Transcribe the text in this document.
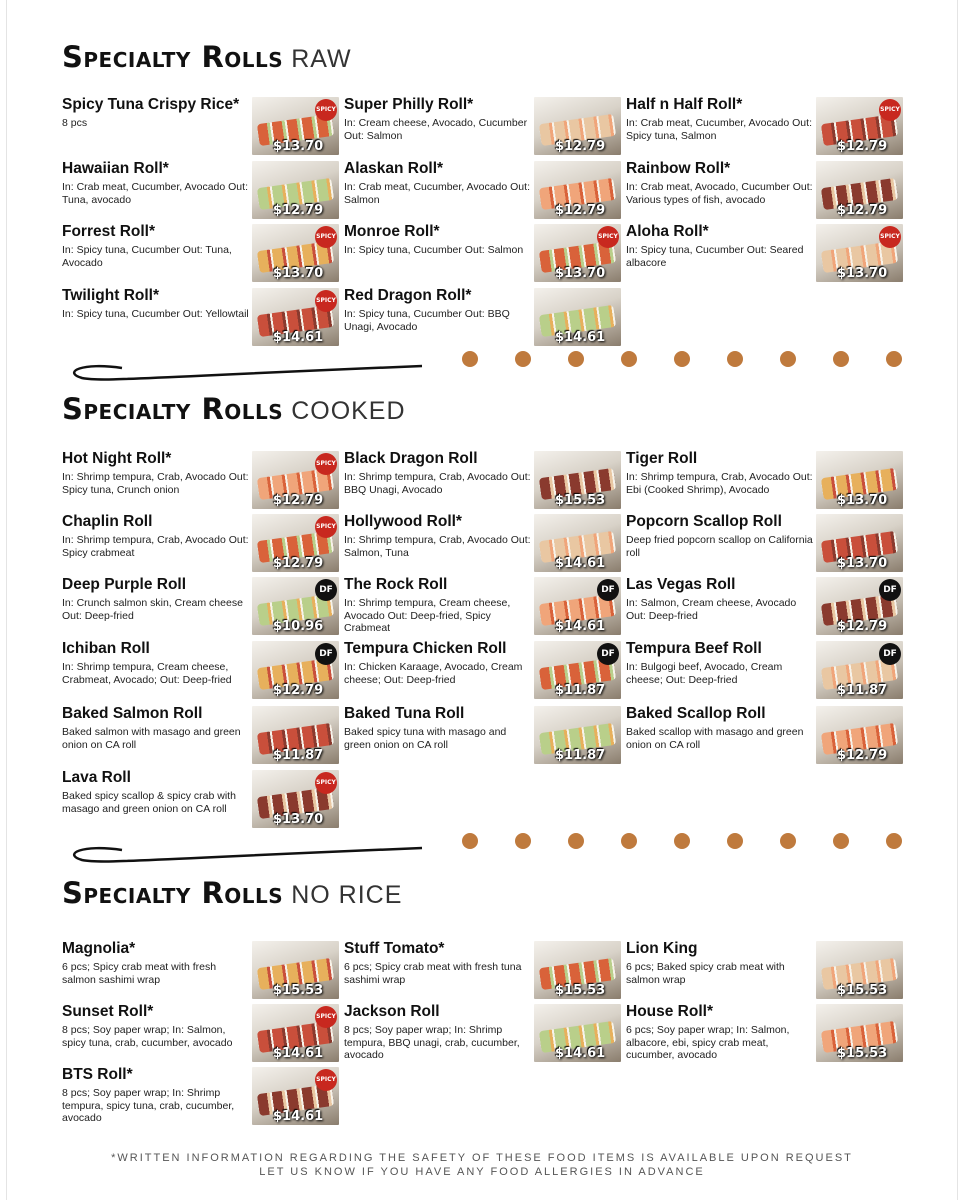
Specialty Rolls RAW
Specialty Rolls COOKED
Specialty Rolls NO RICE
Spicy Tuna Crispy Rice*
8 pcs
SPICY
$13.70
Super Philly Roll*
In: Cream cheese, Avocado, Cucumber Out: Salmon
$12.79
Half n Half Roll*
In: Crab meat, Cucumber, Avocado Out: Spicy tuna, Salmon
SPICY
$12.79
Hawaiian Roll*
In: Crab meat, Cucumber, Avocado Out: Tuna, avocado
$12.79
Alaskan Roll*
In: Crab meat, Cucumber, Avocado Out: Salmon
$12.79
Rainbow Roll*
In: Crab meat, Avocado, Cucumber Out: Various types of fish, avocado
$12.79
Forrest Roll*
In: Spicy tuna, Cucumber Out: Tuna, Avocado
SPICY
$13.70
Monroe Roll*
In: Spicy tuna, Cucumber Out: Salmon
SPICY
$13.70
Aloha Roll*
In: Spicy tuna, Cucumber Out: Seared albacore
SPICY
$13.70
Twilight Roll*
In: Spicy tuna, Cucumber Out: Yellowtail
SPICY
$14.61
Red Dragon Roll*
In: Spicy tuna, Cucumber Out: BBQ Unagi, Avocado
$14.61
Hot Night Roll*
In: Shrimp tempura, Crab, Avocado Out: Spicy tuna, Crunch onion
SPICY
$12.79
Black Dragon Roll
In: Shrimp tempura, Crab, Avocado Out: BBQ Unagi, Avocado
$15.53
Tiger Roll
In: Shrimp tempura, Crab, Avocado Out: Ebi (Cooked Shrimp), Avocado
$13.70
Chaplin Roll
In: Shrimp tempura, Crab, Avocado Out: Spicy crabmeat
SPICY
$12.79
Hollywood Roll*
In: Shrimp tempura, Crab, Avocado Out: Salmon, Tuna
$14.61
Popcorn Scallop Roll
Deep fried popcorn scallop on California roll
$13.70
Deep Purple Roll
In: Crunch salmon skin, Cream cheese Out: Deep-fried
DF
$10.96
The Rock Roll
In: Shrimp tempura, Cream cheese, Avocado Out: Deep-fried, Spicy Crabmeat
DF
$14.61
Las Vegas Roll
In: Salmon, Cream cheese, Avocado Out: Deep-fried
DF
$12.79
Ichiban Roll
In: Shrimp tempura, Cream cheese, Crabmeat, Avocado; Out: Deep-fried
DF
$12.79
Tempura Chicken Roll
In: Chicken Karaage, Avocado, Cream cheese; Out: Deep-fried
DF
$11.87
Tempura Beef Roll
In: Bulgogi beef, Avocado, Cream cheese; Out: Deep-fried
DF
$11.87
Baked Salmon Roll
Baked salmon with masago and green onion on CA roll
$11.87
Baked Tuna Roll
Baked spicy tuna with masago and green onion on CA roll
$11.87
Baked Scallop Roll
Baked scallop with masago and green onion on CA roll
$12.79
Lava Roll
Baked spicy scallop & spicy crab with masago and green onion on CA roll
SPICY
$13.70
Magnolia*
6 pcs; Spicy crab meat with fresh salmon sashimi wrap
$15.53
Stuff Tomato*
6 pcs; Spicy crab meat with fresh tuna sashimi wrap
$15.53
Lion King
6 pcs; Baked spicy crab meat with salmon wrap
$15.53
Sunset Roll*
8 pcs; Soy paper wrap; In: Salmon, spicy tuna, crab, cucumber, avocado
SPICY
$14.61
Jackson Roll
8 pcs; Soy paper wrap; In: Shrimp tempura, BBQ unagi, crab, cucumber, avocado	$14.61
House Roll*
6 pcs; Soy paper wrap; In: Salmon, albacore, ebi, spicy crab meat, cucumber, avocado	$15.53
BTS Roll*
8 pcs; Soy paper wrap; In: Shrimp tempura, spicy tuna, crab, cucumber, avocado
SPICY
$14.61
*WRITTEN INFORMATION REGARDING THE SAFETY OF THESE FOOD ITEMS IS AVAILABLE UPON REQUEST
LET US KNOW IF YOU HAVE ANY FOOD ALLERGIES IN ADVANCE
